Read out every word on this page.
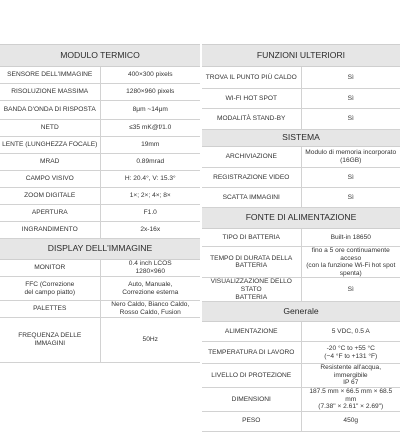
MODULO TERMICO	
SENSORE DELL'IMMAGINE	400×300 pixels
RISOLUZIONE MASSIMA	1280×960 pixels
BANDA D'ONDA DI RISPOSTA	8μm ~14μm
NETD	≤35 mK@f/1.0
LENTE (LUNGHEZZA FOCALE)	19mm
MRAD	0.89mrad
CAMPO VISIVO	H: 20.4°, V: 15.3°
ZOOM DIGITALE	1×; 2×; 4×; 8×
APERTURA	F1.0
INGRANDIMENTO	2x-16x
DISPLAY DELL'IMMAGINE	
MONITOR	0.4 inch LCOS
1280×960
FFC (Correzione
del campo piatto)	Auto, Manuale,
Correzione esterna
PALETTES	Nero Caldo, Bianco Caldo,
Rosso Caldo, Fusion
FREQUENZA DELLE
IMMAGINI	50Hz
FUNZIONI ULTERIORI	
TROVA IL PUNTO PIÙ CALDO	Sì
WI-FI HOT SPOT	Sì
MODALITÀ STAND-BY	Sì
SISTEMA	
ARCHIVIAZIONE	Modulo di memoria incorporato
(16GB)
REGISTRAZIONE VIDEO	Sì
SCATTA IMMAGINI	Sì
FONTE DI ALIMENTAZIONE	
TIPO DI BATTERIA	Built-in 18650
TEMPO DI DURATA DELLA BATTERIA	fino a 5 ore continuamente acceso
(con la funzione Wi-Fi hot spot spenta)
VISUALIZZAZIONE DELLO STATO
BATTERIA	Sì
Generale	
ALIMENTAZIONE	5 VDC, 0.5 A
TEMPERATURA DI LAVORO	-20 °C to +55 °C
(−4 °F to +131 °F)
LIVELLO DI PROTEZIONE	Resistente all'acqua, immergibile
IP 67
DIMENSIONI	187.5 mm × 66.5 mm × 68.5 mm
(7.38" × 2.61" × 2.69")
PESO	450g
